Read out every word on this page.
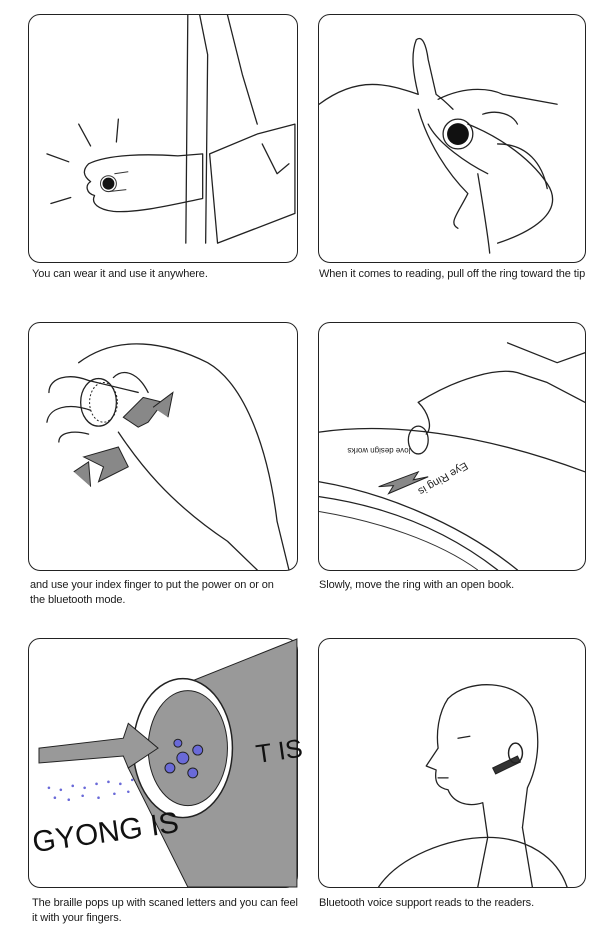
You can wear it and use it anywhere.	When it comes to reading, pull off the ring toward the tip
and use your index finger to put the power on or on the bluetooth mode.
love design works
Eye Ring is
Slowly, move the ring with an open book.
GYONG IS
T IS
The braille pops up with scaned letters and you can feel it with your fingers.
Bluetooth voice support reads to the readers.
